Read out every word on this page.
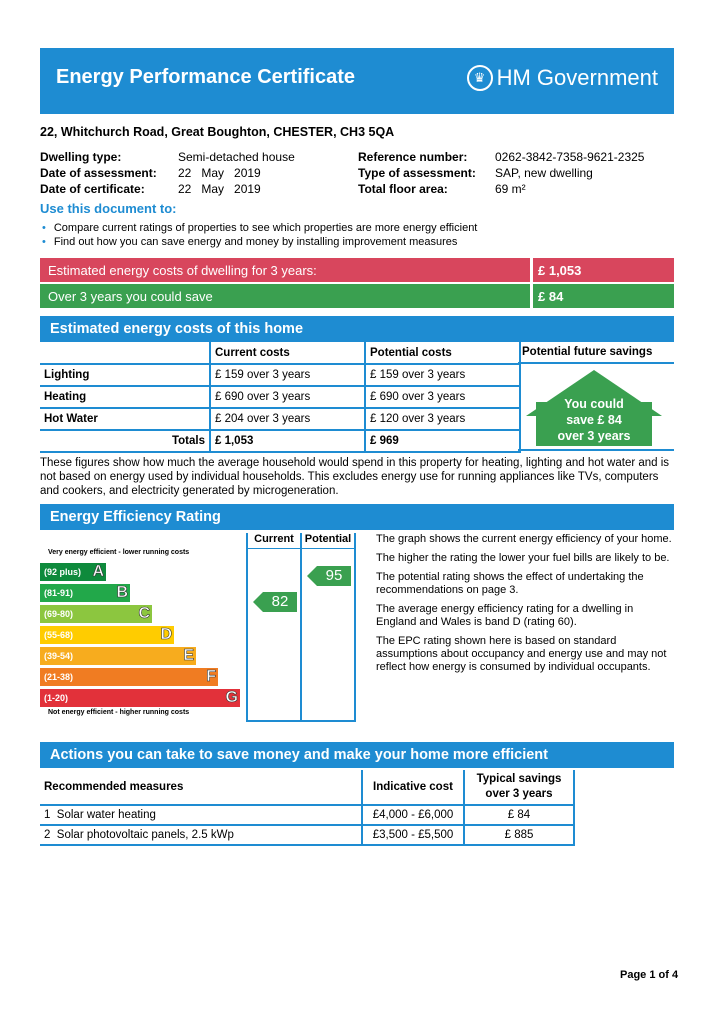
Energy Performance Certificate	♛ HM Government
22, Whitchurch Road, Great Boughton, CHESTER, CH3 5QA
Dwelling type:	Semi-detached house
Date of assessment: 22   May   2019
Date of certificate:	22   May   2019
Reference number: 0262-3842-7358-9621-2325
Type of assessment: SAP, new dwelling
Total floor area:	69 m²
Use this document to:
• Compare current ratings of properties to see which properties are more energy efficient
• Find out how you can save energy and money by installing improvement measures
Estimated energy costs of dwelling for 3 years:	£ 1,053
Over 3 years you could save	£ 84
Estimated energy costs of this home
	Current costs	Potential costs
Lighting	£ 159 over 3 years	£ 159 over 3 years
Heating	£ 690 over 3 years	£ 690 over 3 years
Hot Water	£ 204 over 3 years	£ 120 over 3 years
Totals	£ 1,053	£ 969
Potential future savings
You could
save £ 84
over 3 years
These figures show how much the average household would spend in this property for heating, lighting and hot water and is not based on energy used by individual households. This excludes energy use for running appliances like TVs, computers and cookers, and electricity generated by microgeneration.
Energy Efficiency Rating
Very energy efficient - lower running costs
(92 plus) A
(81-91)	B
(69-80)	C
(55-68)	D
(39-54)	E
(21-38)	F
(1-20)	G
Not energy efficient - higher running costs
Current Potential
82
95

The graph shows the current energy efficiency of your home.

The higher the rating the lower your fuel bills are likely to be.

The potential rating shows the effect of undertaking the recommendations on page 3.

The average energy efficiency rating for a dwelling in England and Wales is band D (rating 60).

The EPC rating shown here is based on standard assumptions about occupancy and energy use and may not reflect how energy is consumed by individual occupants.

Actions you can take to save money and make your home more efficient
Recommended measures	Indicative cost	Typical savings
over 3 years

1 Solar water heating	£4,000 - £6,000	£ 84
2 Solar photovoltaic panels, 2.5 kWp	£3,500 - £5,500	£ 885
Page 1 of 4
